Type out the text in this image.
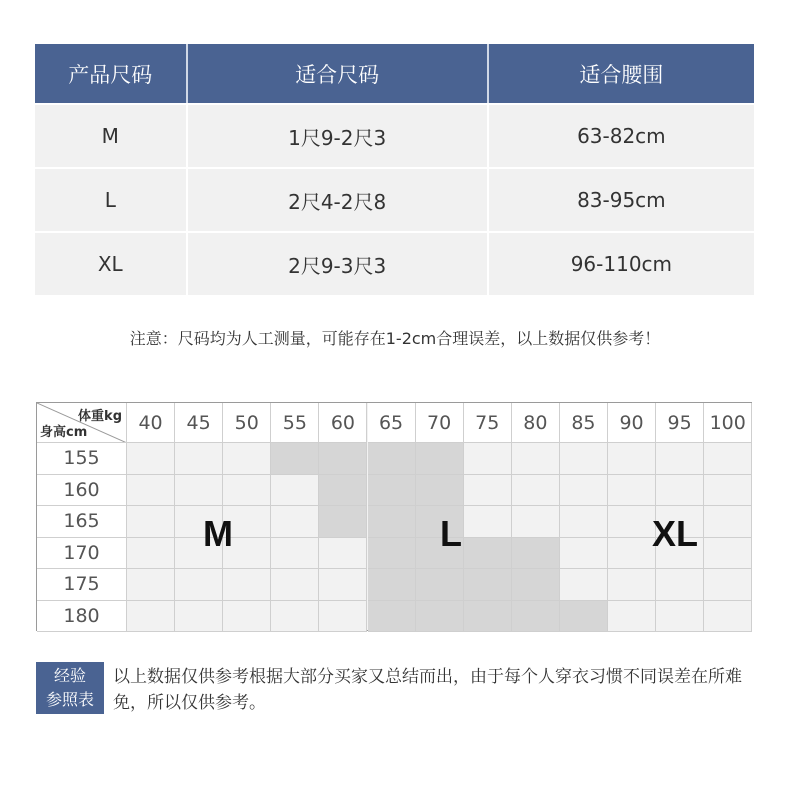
产品尺码	适合尺码	适合腰围
M	1尺9-2尺3	63-82cm
L	2尺4-2尺8	83-95cm
XL	2尺9-3尺3	96-110cm
注意：尺码均为人工测量，可能存在1-2cm合理误差，以上数据仅供参考！
体重kg
身高cm	40	45	50	55	60	65	70	75	80	85	90	95 100
155
160
165
170
175
180
M	L	XL
经验
参照表
以上数据仅供参考根据大部分买家又总结而出，由于每个人穿衣习惯不同误差在所难免，所以仅供参考。
